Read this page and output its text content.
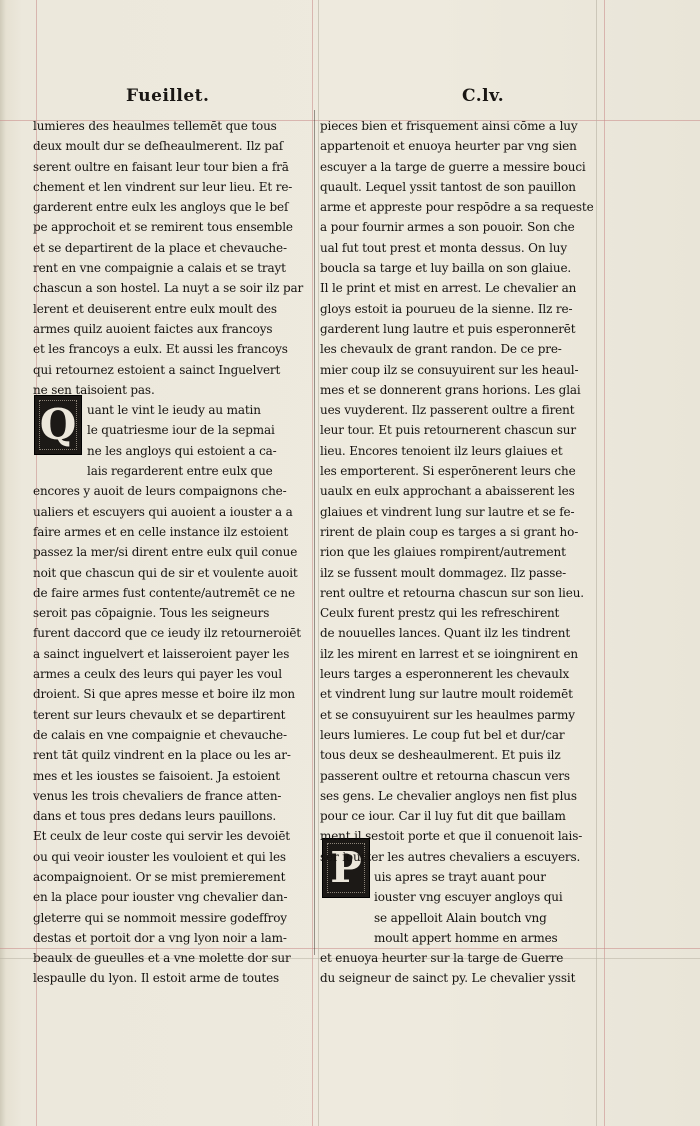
Fueillet.	C.lv.
Q
P
lumieres des heaulmes tellemēt que tous
deux moult dur se deſheaulmerent. Ilz paſ
serent oultre en faisant leur tour bien a frā
chement et len vindrent sur leur lieu. Et re-
garderent entre eulx les angloys que le beſ
pe approchoit et se remirent tous ensemble
et se departirent de la place et chevauche-
rent en vne compaignie a calais et se trayt
chascun a son hostel. La nuyt a se soir ilz par
lerent et deuiserent entre eulx moult des
armes quilz auoient faictes aux francoys
et les francoys a eulx. Et aussi les francoys
qui retournez estoient a sainct Inguelvert
ne sen taisoient pas.
uant le vint le ieudy au matin
le quatriesme iour de la sepmai
ne les angloys qui estoient a ca-
lais regarderent entre eulx que
encores y auoit de leurs compaignons che-
ualiers et escuyers qui auoient a iouster a a
faire armes et en celle instance ilz estoient
passez la mer/si dirent entre eulx quil conue
noit que chascun qui de sir et voulente auoit
de faire armes fust contente/autremēt ce ne
seroit pas cōpaignie. Tous les seigneurs
furent daccord que ce ieudy ilz retourneroiēt
a sainct inguelvert et laisseroient payer les
armes a ceulx des leurs qui payer les voul
droient. Si que apres messe et boire ilz mon
terent sur leurs chevaulx et se departirent
de calais en vne compaignie et chevauche-
rent tāt quilz vindrent en la place ou les ar-
mes et les ioustes se faisoient. Ja estoient
venus les trois chevaliers de france atten-
dans et tous pres dedans leurs pauillons.
Et ceulx de leur coste qui servir les devoiēt
ou qui veoir iouster les vouloient et qui les
acompaignoient. Or se mist premierement
en la place pour iouster vng chevalier dan-
gleterre qui se nommoit messire godeffroy
destas et portoit dor a vng lyon noir a lam-
beaulx de gueulles et a vne molette dor sur
lespaulle du lyon. Il estoit arme de toutes
pieces bien et frisquement ainsi cōme a luy
appartenoit et enuoya heurter par vng sien
escuyer a la targe de guerre a messire bouci
quault. Lequel yssit tantost de son pauillon
arme et appreste pour respōdre a sa requeste
a pour fournir armes a son pouoir. Son che
ual fut tout prest et monta dessus. On luy
boucla sa targe et luy bailla on son glaiue.
Il le print et mist en arrest. Le chevalier an
gloys estoit ia pourueu de la sienne. Ilz re-
garderent lung lautre et puis esperonnerēt
les chevaulx de grant randon. De ce pre-
mier coup ilz se consuyuirent sur les heaul-
mes et se donnerent grans horions. Les glai
ues vuyderent. Ilz passerent oultre a firent
leur tour. Et puis retournerent chascun sur
lieu. Encores tenoient ilz leurs glaiues et
les emporterent. Si esperōnerent leurs che
uaulx en eulx approchant a abaisserent les
glaiues et vindrent lung sur lautre et se fe-
rirent de plain coup es targes a si grant ho-
rion que les glaiues rompirent/autrement
ilz se fussent moult dommagez. Ilz passe-
rent oultre et retourna chascun sur son lieu.
Ceulx furent prestz qui les refreschirent
de nouuelles lances. Quant ilz les tindrent
ilz les mirent en larrest et se ioingnirent en
leurs targes a esperonnerent les chevaulx
et vindrent lung sur lautre moult roidemēt
et se consuyuirent sur les heaulmes parmy
leurs lumieres. Le coup fut bel et dur/car
tous deux se desheaulmerent. Et puis ilz
passerent oultre et retourna chascun vers
ses gens. Le chevalier angloys nen fist plus
pour ce iour. Car il luy fut dit que baillam
ment il sestoit porte et que il conuenoit lais-
ser iouster les autres chevaliers a escuyers.
uis apres se trayt auant pour
iouster vng escuyer angloys qui
se appelloit Alain boutch vng
moult appert homme en armes
et enuoya heurter sur la targe de Guerre
du seigneur de sainct py. Le chevalier yssit
